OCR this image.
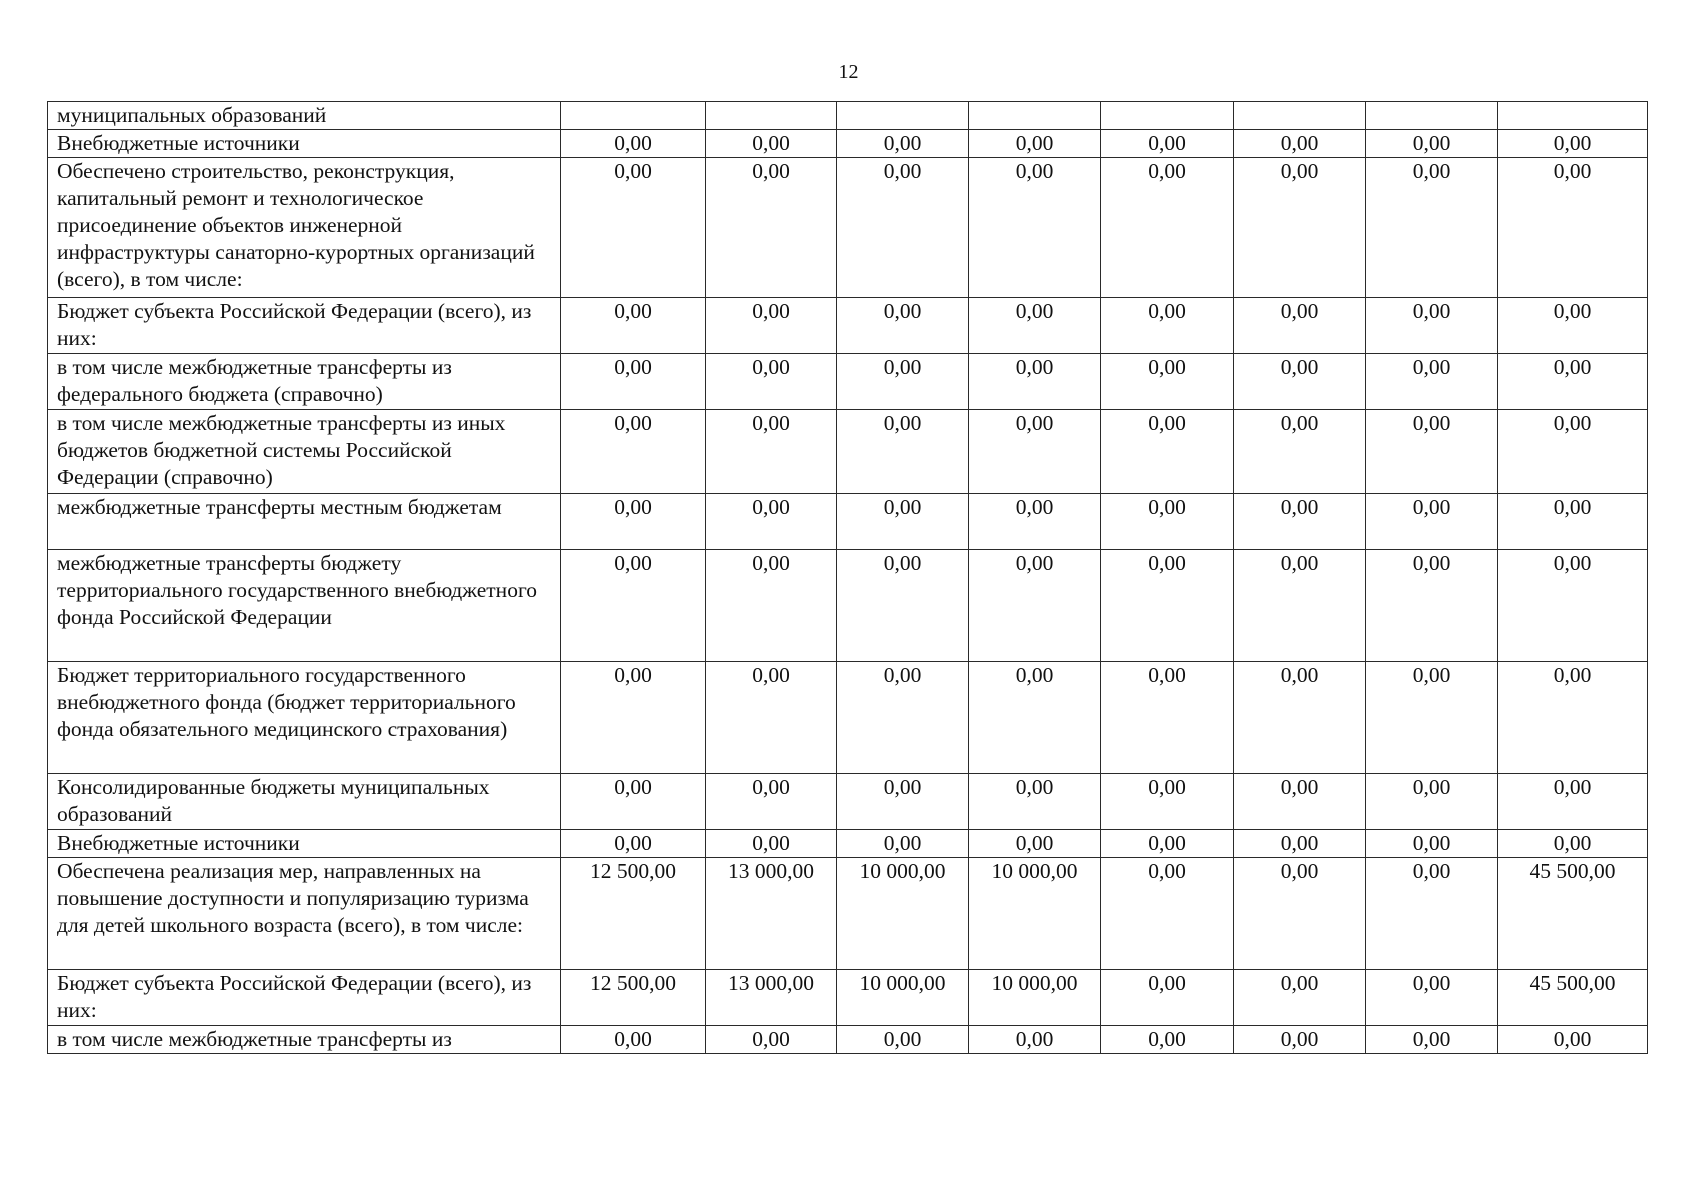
12
муниципальных образований								
Внебюджетные источники	0,00	0,00	0,00	0,00	0,00	0,00	0,00	0,00
Обеспечено строительство, реконструкция, капитальный ремонт и технологическое присоединение объектов инженерной инфраструктуры санаторно-курортных организаций (всего), в том числе:	0,00	0,00	0,00	0,00	0,00	0,00	0,00	0,00
Бюджет субъекта Российской Федерации (всего), из них:	0,00	0,00	0,00	0,00	0,00	0,00	0,00	0,00
в том числе межбюджетные трансферты из федерального бюджета (справочно)	0,00	0,00	0,00	0,00	0,00	0,00	0,00	0,00
в том числе межбюджетные трансферты из иных бюджетов бюджетной системы Российской Федерации (справочно)	0,00	0,00	0,00	0,00	0,00	0,00	0,00	0,00
межбюджетные трансферты местным бюджетам	0,00	0,00	0,00	0,00	0,00	0,00	0,00	0,00
межбюджетные трансферты бюджету территориального государственного внебюджетного фонда Российской Федерации	0,00	0,00	0,00	0,00	0,00	0,00	0,00	0,00
Бюджет территориального государственного внебюджетного фонда (бюджет территориального фонда обязательного медицинского страхования)	0,00	0,00	0,00	0,00	0,00	0,00	0,00	0,00
Консолидированные бюджеты муниципальных образований	0,00	0,00	0,00	0,00	0,00	0,00	0,00	0,00
Внебюджетные источники	0,00	0,00	0,00	0,00	0,00	0,00	0,00	0,00
Обеспечена реализация мер, направленных на повышение доступности и популяризацию туризма для детей школьного возраста (всего), в том числе:	12 500,00	13 000,00	10 000,00	10 000,00	0,00	0,00	0,00	45 500,00
Бюджет субъекта Российской Федерации (всего), из них:	12 500,00	13 000,00	10 000,00	10 000,00	0,00	0,00	0,00	45 500,00
в том числе межбюджетные трансферты из	0,00	0,00	0,00	0,00	0,00	0,00	0,00	0,00
